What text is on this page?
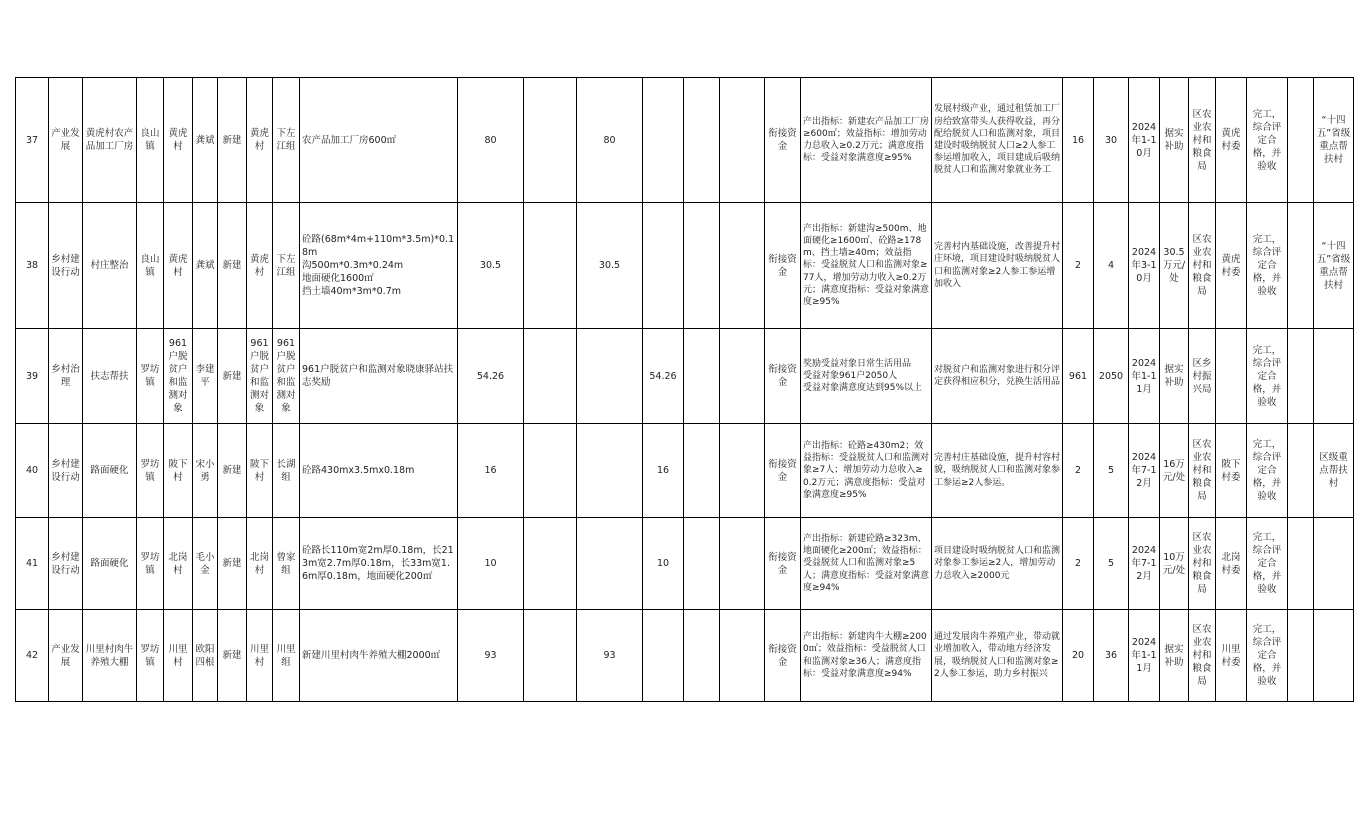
37	产业发展	黄虎村农产品加工厂房	良山镇	黄虎村	龚斌	新建	黄虎村	下左江组	农产品加工厂房600㎡	80		80				衔接资金	产出指标：新建农产品加工厂房≥600㎡；效益指标：增加劳动力总收入≥0.2万元；满意度指标：受益对象满意度≥95%	发展村级产业，通过租赁加工厂房给致富带头人获得收益，再分配给脱贫人口和监测对象，项目建设时吸纳脱贫人口≥2人参工参运增加收入，项目建成后吸纳脱贫人口和监测对象就业务工	16	30	2024年1-10月	据实补助	区农业农村和粮食局	黄虎村委	完工，综合评定合格，并验收		“十四五”省级重点帮扶村
38	乡村建设行动	村庄整治	良山镇	黄虎村	龚斌	新建	黄虎村	下左江组	砼路(68m*4m+110m*3.5m)*0.18m
沟500m*0.3m*0.24m
地面硬化1600㎡
挡土墙40m*3m*0.7m	30.5		30.5				衔接资金	产出指标：新建沟≥500m、地面硬化≥1600㎡、砼路≥178m、挡土墙≥40m；效益指标：受益脱贫人口和监测对象≥77人，增加劳动力收入≥0.2万元；满意度指标：受益对象满意度≥95%	完善村内基础设施，改善提升村庄环境，项目建设时吸纳脱贫人口和监测对象≥2人参工参运增加收入	2	4	2024年3-10月	30.5万元/处	区农业农村和粮食局	黄虎村委	完工，综合评定合格，并验收		“十四五”省级重点帮扶村
39	乡村治理	扶志帮扶	罗坊镇	961户脱贫户和监测对象	李建平	新建	961户脱贫户和监测对象	961户脱贫户和监测对象	961户脱贫户和监测对象晓康驿站扶志奖励	54.26			54.26			衔接资金	奖励受益对象日常生活用品
受益对象961户2050人
受益对象满意度达到95%以上	对脱贫户和监测对象进行积分评定获得相应积分，兑换生活用品	961	2050	2024年1-11月	据实补助	区乡村振兴局		完工，综合评定合格，并验收		
40	乡村建设行动	路面硬化	罗坊镇	陂下村	宋小勇	新建	陂下村	长湖组	砼路430mx3.5mx0.18m	16			16			衔接资金	产出指标：砼路≥430m2；效益指标：受益脱贫人口和监测对象≥7人；增加劳动力总收入≥0.2万元；满意度指标：受益对象满意度≥95%	完善村庄基础设施，提升村容村貌，吸纳脱贫人口和监测对象参工参运≥2人参运。	2	5	2024年7-12月	16万元/处	区农业农村和粮食局	陂下村委	完工，综合评定合格，并验收		区级重点帮扶村
41	乡村建设行动	路面硬化	罗坊镇	北岗村	毛小金	新建	北岗村	曾家组	砼路长110m宽2m厚0.18m，长213m宽2.7m厚0.18m，长33m宽1.6m厚0.18m，地面硬化200㎡	10			10			衔接资金	产出指标：新建砼路≥323m、地面硬化≥200㎡；效益指标：受益脱贫人口和监测对象≥5人；满意度指标：受益对象满意度≥94%	项目建设时吸纳脱贫人口和监测对象参工参运≥2人，增加劳动力总收入≥2000元	2	5	2024年7-12月	10万元/处	区农业农村和粮食局	北岗村委	完工，综合评定合格，并验收		
42	产业发展	川里村肉牛养殖大棚	罗坊镇	川里村	欧阳四根	新建	川里村	川里组	新建川里村肉牛养殖大棚2000㎡	93		93				衔接资金	产出指标：新建肉牛大棚≥2000㎡；效益指标：受益脱贫人口和监测对象≥36人；满意度指标：受益对象满意度≥94%	通过发展肉牛养殖产业，带动就业增加收入，带动地方经济发展，吸纳脱贫人口和监测对象≥2人参工参运，助力乡村振兴	20	36	2024年1-11月	据实补助	区农业农村和粮食局	川里村委	完工，综合评定合格，并验收		
